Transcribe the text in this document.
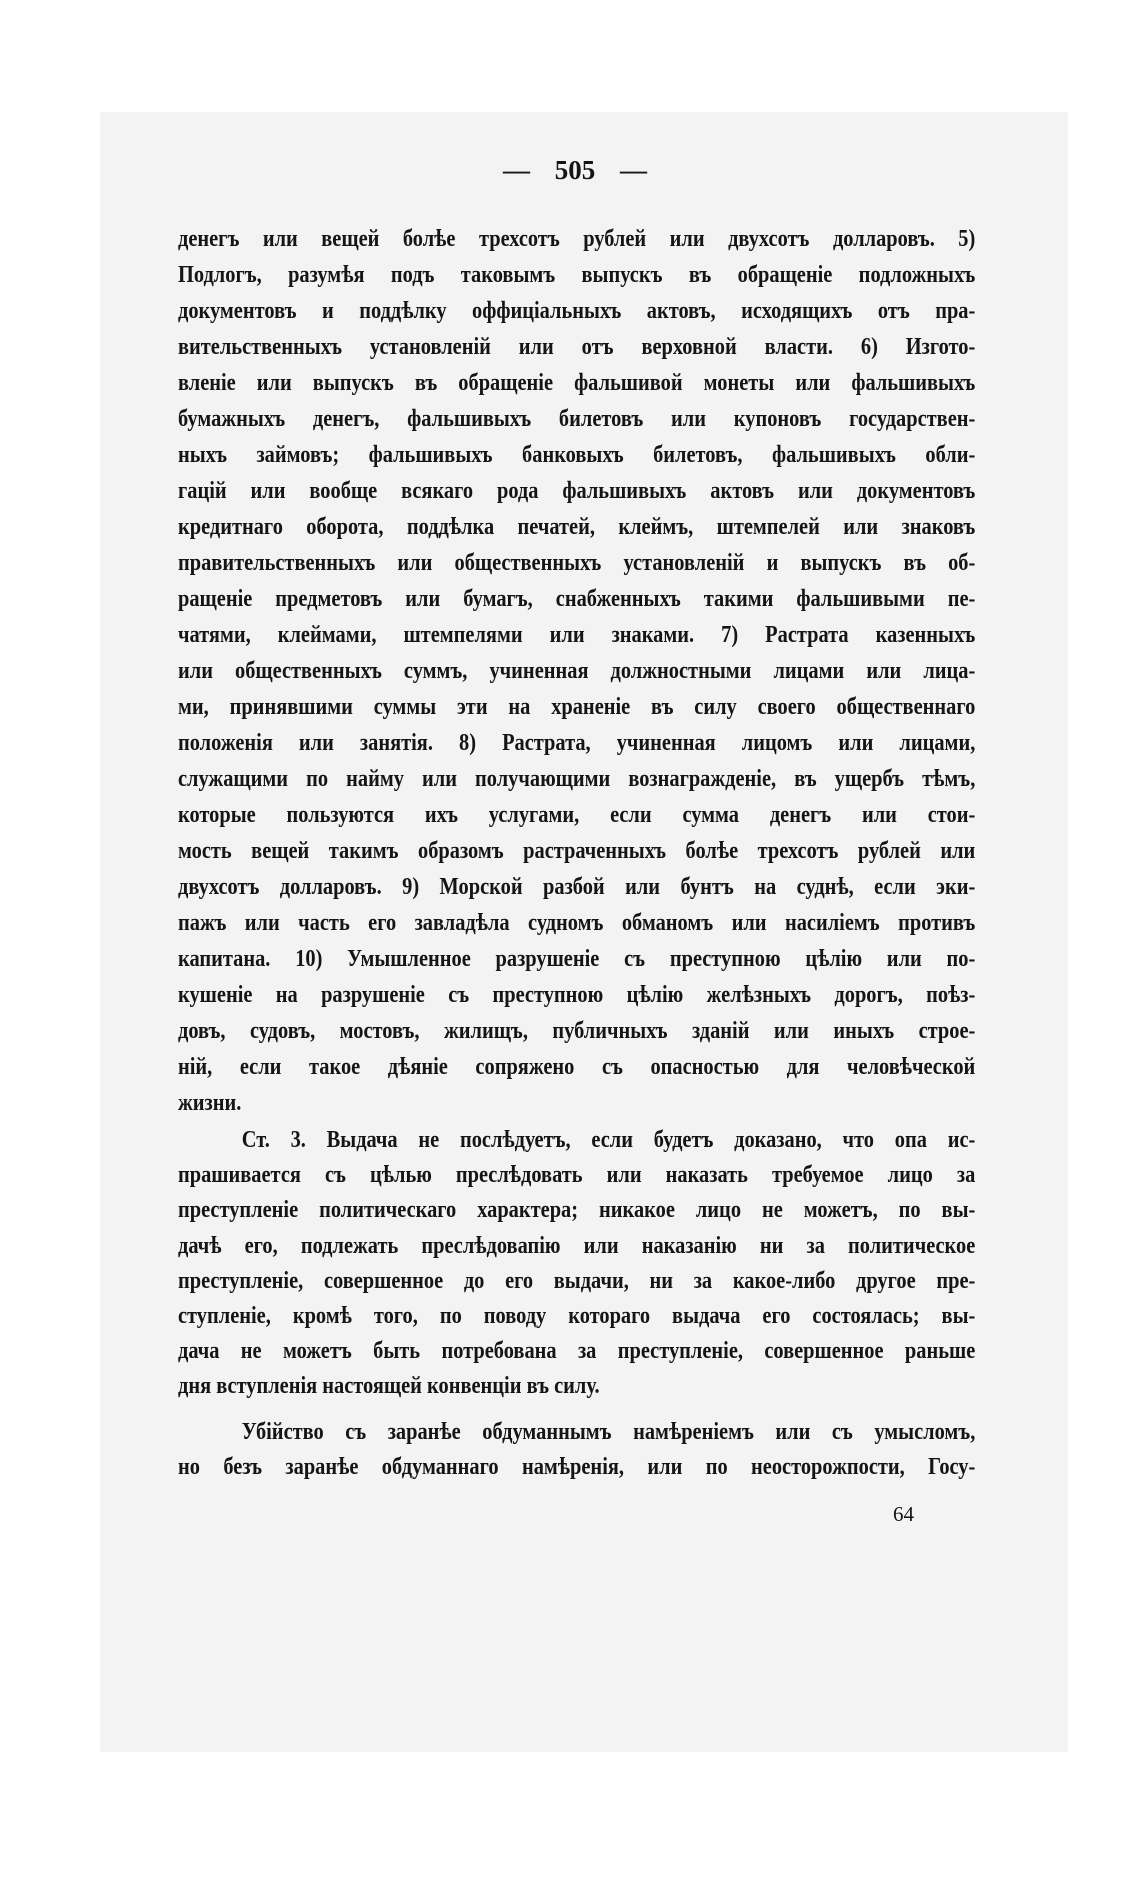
— 505 —
денегъ или вещей болѣе трехсотъ рублей или двухсотъ долларовъ. 5)
Подлогъ, разумѣя подъ таковымъ выпускъ въ обращеніе подложныхъ
документовъ и поддѣлку оффиціальныхъ актовъ, исходящихъ отъ пра-
вительственныхъ установленій или отъ верховной власти. 6) Изгото-
вленіе или выпускъ въ обращеніе фальшивой монеты или фальшивыхъ
бумажныхъ денегъ, фальшивыхъ билетовъ или купоновъ государствен-
ныхъ займовъ; фальшивыхъ банковыхъ билетовъ, фальшивыхъ обли-
гацій или вообще всякаго рода фальшивыхъ актовъ или документовъ
кредитнаго оборота, поддѣлка печатей, клеймъ, штемпелей или знаковъ
правительственныхъ или общественныхъ установленій и выпускъ въ об-
ращеніе предметовъ или бумагъ, снабженныхъ такими фальшивыми пе-
чатями, клеймами, штемпелями или знаками. 7) Растрата казенныхъ
или общественныхъ суммъ, учиненная должностными лицами или лица-
ми, принявшими суммы эти на храненіе въ силу своего общественнаго
положенія или занятія. 8) Растрата, учиненная лицомъ или лицами,
служащими по найму или получающими вознагражденіе, въ ущербъ тѣмъ,
которые пользуются ихъ услугами, если сумма денегъ или стои-
мость вещей такимъ образомъ растраченныхъ болѣе трехсотъ рублей или
двухсотъ долларовъ. 9) Морской разбой или бунтъ на суднѣ, если эки-
пажъ или часть его завладѣла судномъ обманомъ или насиліемъ противъ
капитана. 10) Умышленное разрушеніе съ преступною цѣлію или по-
кушеніе на разрушеніе съ преступною цѣлію желѣзныхъ дорогъ, поѣз-
довъ, судовъ, мостовъ, жилищъ, публичныхъ зданій или иныхъ строе-
ній, если такое дѣяніе сопряжено съ опасностью для человѣческой
жизни.
Ст. 3. Выдача не послѣдуетъ, если будетъ доказано, что опа ис-
прашивается съ цѣлью преслѣдовать или наказать требуемое лицо за
преступленіе политическаго характера; никакое лицо не можетъ, по вы-
дачѣ его, подлежать преслѣдовапію или наказанію ни за политическое
преступленіе, совершенное до его выдачи, ни за какое-либо другое пре-
ступленіе, кромѣ того, по поводу котораго выдача его состоялась; вы-
дача не можетъ быть потребована за преступленіе, совершенное раньше
дня вступленія настоящей конвенціи въ силу.
Убійство съ заранѣе обдуманнымъ намѣреніемъ или съ умысломъ,
но безъ заранѣе обдуманнаго намѣренія, или по неосторожпости, Госу-
64
